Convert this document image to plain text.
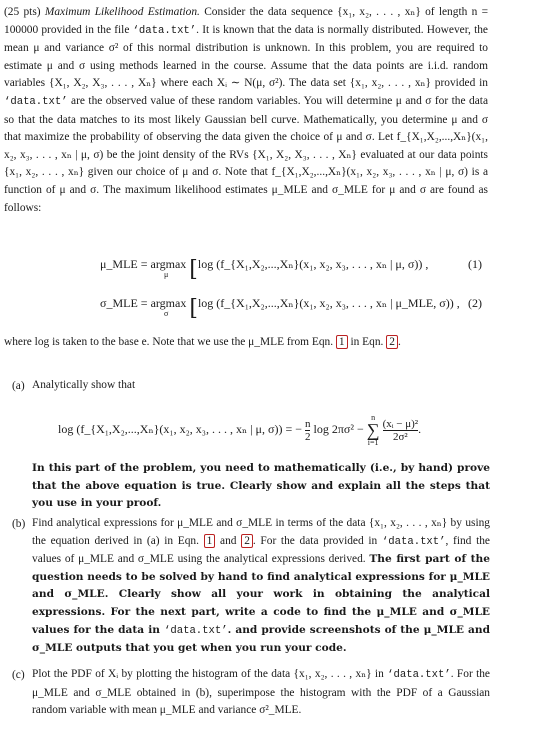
(25 pts) Maximum Likelihood Estimation. Consider the data sequence {x₁, x₂, . . . , xₙ} of length n = 100000 provided in the file ‘data.txt’. It is known that the data is normally distributed. However, the mean μ and variance σ² of this normal distribution is unknown. In this problem, you are required to estimate μ and σ using methods learned in the course. Assume that the data points are i.i.d. random variables {X₁, X₂, X₃, . . . , Xₙ} where each Xᵢ ∼ N(μ, σ²). The data set {x₁, x₂, . . . , xₙ} provided in ‘data.txt’ are the observed value of these random variables. You will determine μ and σ for the data so that the data matches to its most likely Gaussian bell curve. Mathematically, you determine μ and σ that maximize the probability of observing the data given the choice of μ and σ. Let f_{X₁,X₂,...,Xₙ}(x₁, x₂, x₃, . . . , xₙ | μ, σ) be the joint density of the RVs {X₁, X₂, X₃, . . . , Xₙ} evaluated at our data points {x₁, x₂, . . . , xₙ} given our choice of μ and σ. Note that f_{X₁,X₂,...,Xₙ}(x₁, x₂, x₃, . . . , xₙ | μ, σ) is a function of μ and σ. The maximum likelihood estimates μ_MLE and σ_MLE for μ and σ are found as follows:
μ_MLE = argmax
μ [log (f_{X₁,X₂,...,Xₙ}(x₁, x₂, x₃, . . . , xₙ | μ, σ)) ,	(1)
σ_MLE = argmax
σ [log (f_{X₁,X₂,...,Xₙ}(x₁, x₂, x₃, . . . , xₙ | μ_MLE, σ)) , (2)
where log is taken to the base e. Note that we use the μ_MLE from Eqn. 1 in Eqn. 2 .
(a) Analytically show that
log (f_{X₁,X₂,...,Xₙ}(x₁, x₂, x₃, . . . , xₙ | μ, σ)) = − $\frac{n}{2}$ log 2πσ² − n
∑
$i=1 \frac{\text{(xᵢ − μ)²}}{\text{2σ²}}$ .
In this part of the problem, you need to mathematically (i.e., by hand) prove that the above equation is true. Clearly show and explain all the steps that you use in your proof.
(b) Find analytical expressions for μ_MLE and σ_MLE in terms of the data {x₁, x₂, . . . , xₙ} by using the equation derived in (a) in Eqn. 1 and 2 . For the data provided in ‘data.txt’, find the values of μ_MLE and σ_MLE using the analytical expressions derived. The first part of the question needs to be solved by hand to find analytical expressions for μ_MLE and σ_MLE. Clearly show all your work in obtaining the analytical expressions. For the next part, write a code to find the μ_MLE and σ_MLE values for the data in ‘data.txt’. and provide screenshots of the μ_MLE and σ_MLE outputs that you get when you run your code.
(c) Plot the PDF of Xᵢ by plotting the histogram of the data {x₁, x₂, . . . , xₙ} in ‘data.txt’. For the μ_MLE and σ_MLE obtained in (b), superimpose the histogram with the PDF of a Gaussian random variable with mean μ_MLE and variance σ²_MLE.
